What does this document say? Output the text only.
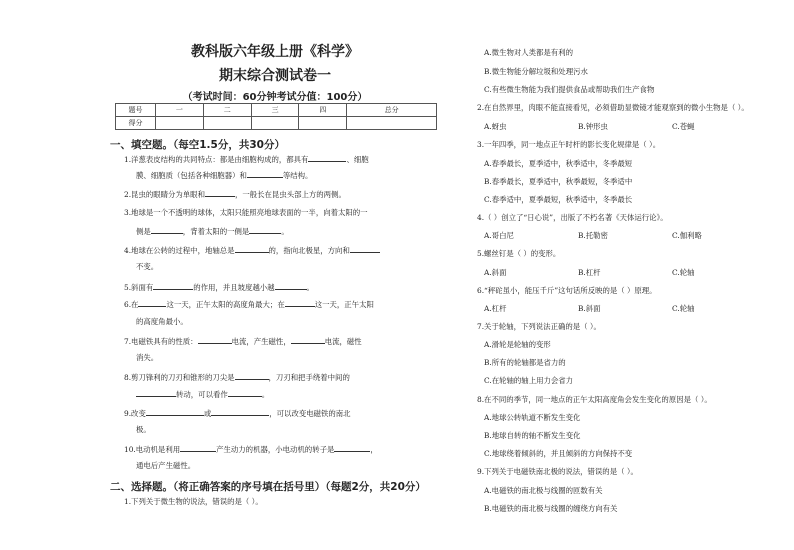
教科版六年级上册《科学》
期末综合测试卷一
（考试时间：60分钟考试分值：100分）
题号	一	二	三	四	总分
得分					
一、填空题。（每空1.5分，共30分）
1.洋葱表皮结构的共同特点：都是由细胞构成的，都具有	、细胞
膜、细胞质（包括各种细胞器）和	等结构。
2.昆虫的眼睛分为单眼和	，一般长在昆虫头部上方的两侧。
3.地球是一个不透明的球体，太阳只能照亮地球表面的一半，向着太阳的一
侧是	，背着太阳的一侧是	。
4.地球在公转的过程中，地轴总是	的，指向北极星，方向和
不变。
5.斜面有	的作用，并且坡度越小越	。
6.在	这一天，正午太阳的高度角最大；在	这一天，正午太阳
的高度角最小。
7.电磁铁具有的性质：	电流，产生磁性，	电流，磁性
消失。
8.剪刀锋利的刀刃和锥形的刀尖是	，刀刃和把手绕着中间的
转动，可以看作	。
9.改变	或	，可以改变电磁铁的南北
极。
10.电动机是利用	产生动力的机器，小电动机的转子是	，
通电后产生磁性。
二、选择题。（将正确答案的序号填在括号里）（每题2分，共20分）
1.下列关于微生物的说法，错误的是（ ）。
A.微生物对人类都是有利的
B.微生物能分解垃圾和处理污水
C.有些微生物能为我们提供食品或帮助我们生产食物
2.在自然界里，肉眼不能直接看见，必须借助显微镜才能观察到的微小生物是（ ）。
A.蚜虫	B.钟形虫	C.苍蝇
3.一年四季，同一地点正午时杆的影长变化规律是（ ）。
A.春季最长，夏季适中，秋季适中，冬季最短
B.春季最长，夏季适中，秋季最短，冬季适中
C.春季适中，夏季最短，秋季适中，冬季最长
4.（ ）创立了“日心说”，出版了不朽名著《天体运行论》。
A.哥白尼	B.托勒密	C.伽利略
5.螺丝钉是（ ）的变形。
A.斜面	B.杠杆	C.轮轴
6.“秤砣虽小，能压千斤”这句话所反映的是（ ）原理。
A.杠杆	B.斜面	C.轮轴
7.关于轮轴，下列说法正确的是（ ）。
A.滑轮是轮轴的变形
B.所有的轮轴都是省力的
C.在轮轴的轴上用力会省力
8.在不同的季节，同一地点的正午太阳高度角会发生变化的原因是（ ）。
A.地球公转轨道不断发生变化
B.地球自转的轴不断发生变化
C.地球绕着倾斜的，并且倾斜的方向保持不变
9.下列关于电磁铁南北极的说法，错误的是（ ）。
A.电磁铁的南北极与线圈的匝数有关
B.电磁铁的南北极与线圈的缠绕方向有关
